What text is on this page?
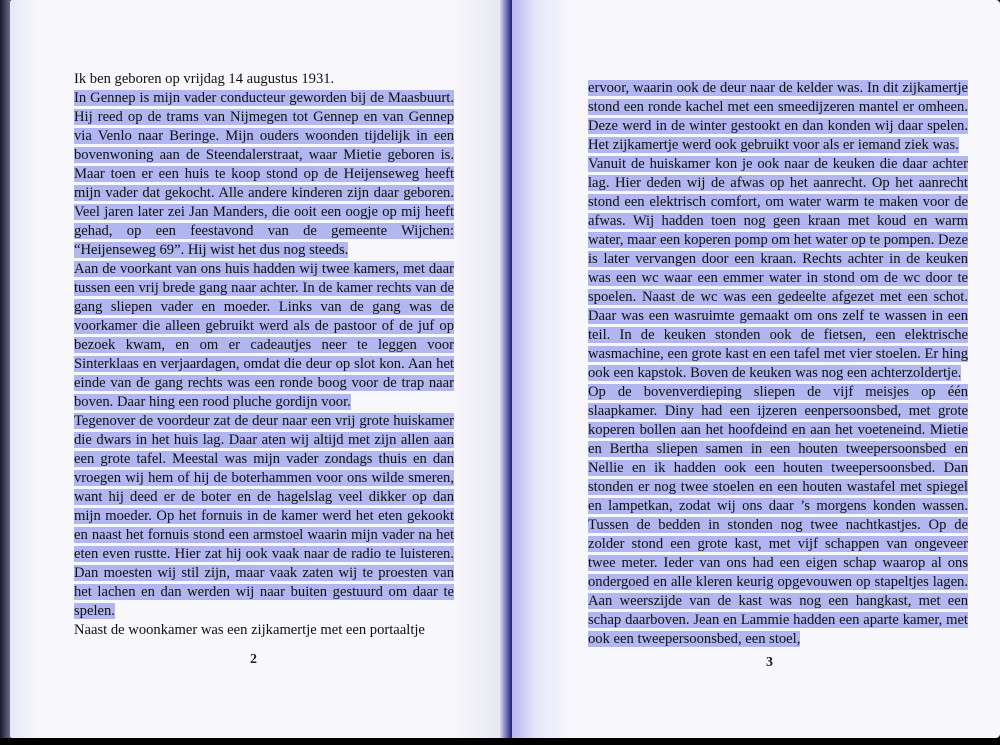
Ik ben geboren op vrijdag 14 augustus 1931.

In Gennep is mijn vader conducteur geworden bij de Maasbuurt. Hij reed op de trams van Nijmegen tot Gennep en van Gennep via Venlo naar Beringe. Mijn ouders woonden tijdelijk in een bovenwoning aan de Steendalerstraat, waar Mietie geboren is. Maar toen er een huis te koop stond op de Heijenseweg heeft mijn vader dat gekocht. Alle andere kinderen zijn daar geboren. Veel jaren later zei Jan Manders, die ooit een oogje op mij heeft gehad, op een feestavond van de gemeente Wijchen: “Heijenseweg 69”. Hij wist het dus nog steeds.

Aan de voorkant van ons huis hadden wij twee kamers, met daar tussen een vrij brede gang naar achter. In de kamer rechts van de gang sliepen vader en moeder. Links van de gang was de voorkamer die alleen gebruikt werd als de pastoor of de juf op bezoek kwam, en om er cadeautjes neer te leggen voor Sinterklaas en verjaardagen, omdat die deur op slot kon. Aan het einde van de gang rechts was een ronde boog voor de trap naar boven. Daar hing een rood pluche gordijn voor.

Tegenover de voordeur zat de deur naar een vrij grote huiskamer die dwars in het huis lag. Daar aten wij altijd met zijn allen aan een grote tafel. Meestal was mijn vader zondags thuis en dan vroegen wij hem of hij de boterhammen voor ons wilde smeren, want hij deed er de boter en de hagelslag veel dikker op dan mijn moeder. Op het fornuis in de kamer werd het eten gekookt en naast het fornuis stond een armstoel waarin mijn vader na het eten even rustte. Hier zat hij ook vaak naar de radio te luisteren. Dan moesten wij stil zijn, maar vaak zaten wij te proesten van het lachen en dan werden wij naar buiten gestuurd om daar te spelen.

Naast de woonkamer was een zijkamertje met een portaaltje

2

ervoor, waarin ook de deur naar de kelder was. In dit zijkamertje stond een ronde kachel met een smeedijzeren mantel er omheen. Deze werd in de winter gestookt en dan konden wij daar spelen. Het zijkamertje werd ook gebruikt voor als er iemand ziek was.

Vanuit de huiskamer kon je ook naar de keuken die daar achter lag. Hier deden wij de afwas op het aanrecht. Op het aanrecht stond een elektrisch comfort, om water warm te maken voor de afwas. Wij hadden toen nog geen kraan met koud en warm water, maar een koperen pomp om het water op te pompen. Deze is later vervangen door een kraan. Rechts achter in de keuken was een wc waar een emmer water in stond om de wc door te spoelen. Naast de wc was een gedeelte afgezet met een schot. Daar was een wasruimte gemaakt om ons zelf te wassen in een teil. In de keuken stonden ook de fietsen, een elektrische wasmachine, een grote kast en een tafel met vier stoelen. Er hing ook een kapstok. Boven de keuken was nog een achterzoldertje.

Op de bovenverdieping sliepen de vijf meisjes op één slaapkamer. Diny had een ijzeren eenpersoonsbed, met grote koperen bollen aan het hoofdeind en aan het voeteneind. Mietie en Bertha sliepen samen in een houten tweepersoonsbed en Nellie en ik hadden ook een houten tweepersoonsbed. Dan stonden er nog twee stoelen en een houten wastafel met spiegel en lampetkan, zodat wij ons daar ’s morgens konden wassen. Tussen de bedden in stonden nog twee nachtkastjes. Op de zolder stond een grote kast, met vijf schappen van ongeveer twee meter. Ieder van ons had een eigen schap waarop al ons ondergoed en alle kleren keurig opgevouwen op stapeltjes lagen. Aan weerszijde van de kast was nog een hangkast, met een schap daarboven. Jean en Lammie hadden een aparte kamer, met ook een tweepersoonsbed, een stoel,

3
